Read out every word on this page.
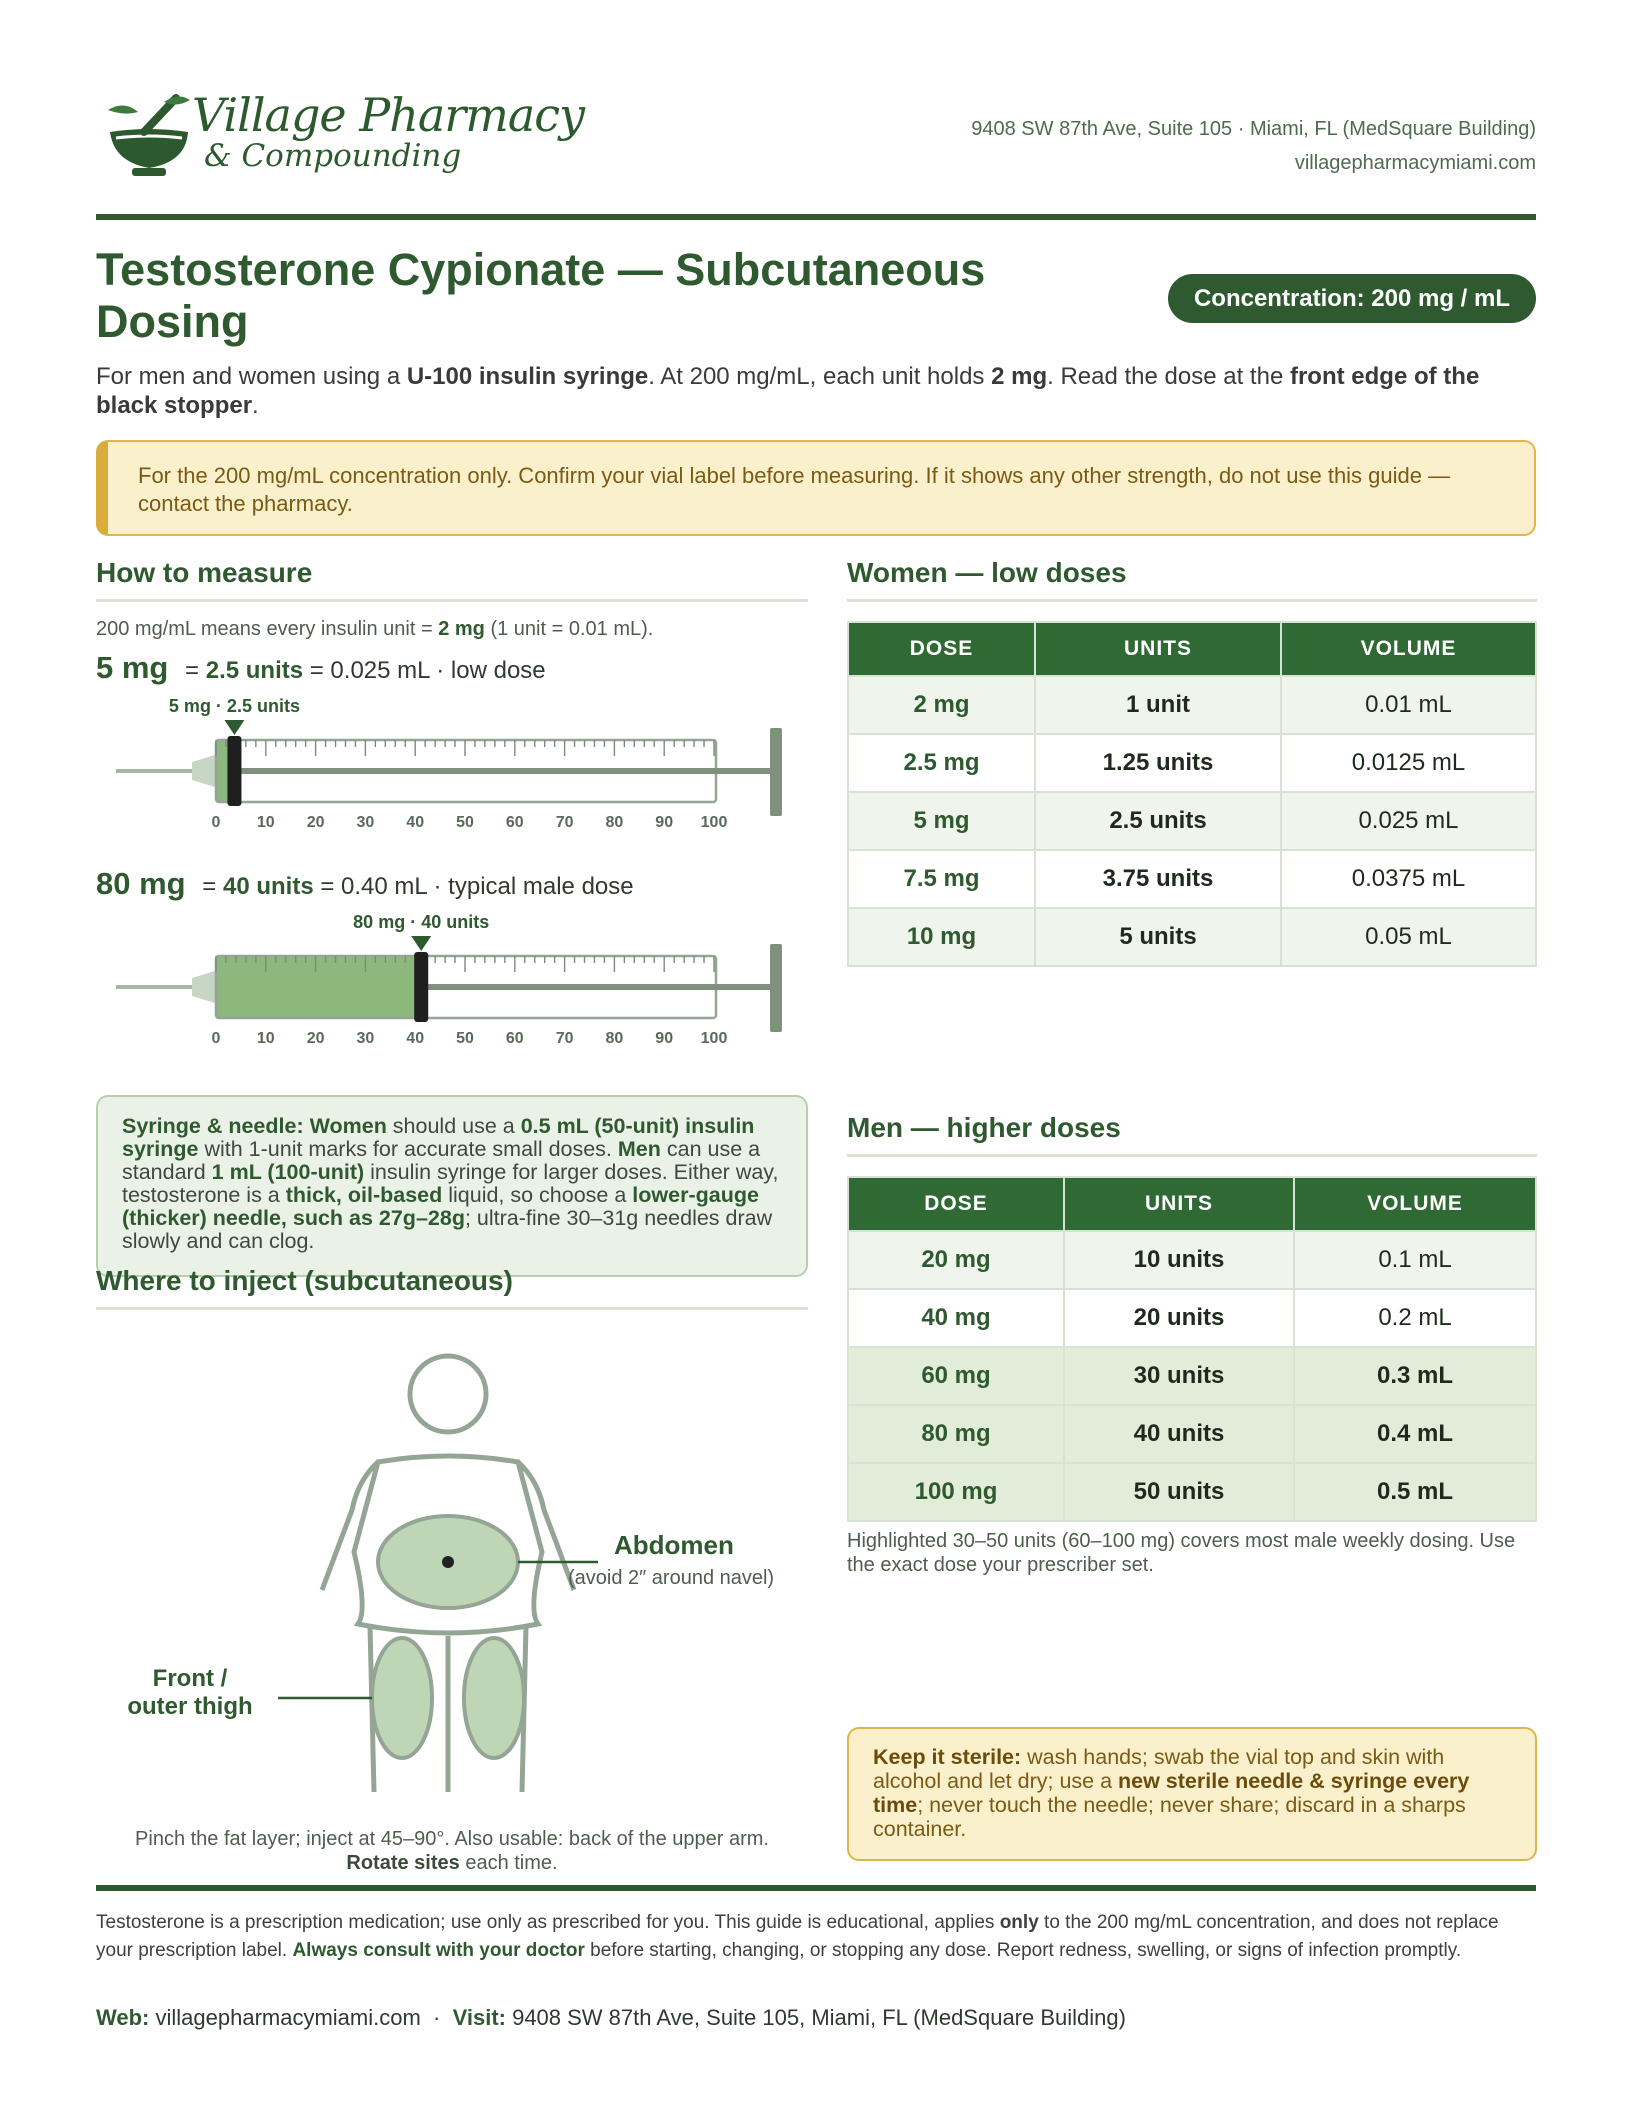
Village Pharmacy
& Compounding
9408 SW 87th Ave, Suite 105 · Miami, FL (MedSquare Building)
villagepharmacymiami.com
Testosterone Cypionate — Subcutaneous Dosing	Concentration: 200 mg / mL
For men and women using a U-100 insulin syringe. At 200 mg/mL, each unit holds 2 mg. Read the dose at the front edge of the black stopper.
For the 200 mg/mL concentration only. Confirm your vial label before measuring. If it shows any other strength, do not use this guide — contact the pharmacy.
How to measure
200 mg/mL means every insulin unit = 2 mg (1 unit = 0.01 mL).
5 mg = 2.5 units = 0.025 mL · low dose
5 mg · 2.5 units
0 10 20 30 40 50 60 70 80 90 100
80 mg = 40 units = 0.40 mL · typical male dose
80 mg · 40 units
0 10 20 30 40 50 60 70 80 90 100
Syringe & needle: Women should use a 0.5 mL (50-unit) insulin syringe with 1-unit marks for accurate small doses. Men can use a standard 1 mL (100-unit) insulin syringe for larger doses. Either way, testosterone is a thick, oil-based liquid, so choose a lower-gauge (thicker) needle, such as 27g–28g; ultra-fine 30–31g needles draw slowly and can clog.
Where to inject (subcutaneous)
Abdomen
(avoid 2″ around navel)
Front /
outer thigh
Pinch the fat layer; inject at 45–90°. Also usable: back of the upper arm.
Rotate sites each time.
Women — low doses
DOSE	UNITS	VOLUME
2 mg	1 unit	0.01 mL
2.5 mg	1.25 units	0.0125 mL
5 mg	2.5 units	0.025 mL
7.5 mg	3.75 units	0.0375 mL
10 mg	5 units	0.05 mL
Men — higher doses
DOSE	UNITS	VOLUME
20 mg	10 units	0.1 mL
40 mg	20 units	0.2 mL
60 mg	30 units	0.3 mL
80 mg	40 units	0.4 mL
100 mg	50 units	0.5 mL
Highlighted 30–50 units (60–100 mg) covers most male weekly dosing. Use the exact dose your prescriber set.
Keep it sterile: wash hands; swab the vial top and skin with alcohol and let dry; use a new sterile needle & syringe every time; never touch the needle; never share; discard in a sharps container.
Testosterone is a prescription medication; use only as prescribed for you. This guide is educational, applies only to the 200 mg/mL concentration, and does not replace your prescription label. Always consult with your doctor before starting, changing, or stopping any dose. Report redness, swelling, or signs of infection promptly.
Web: villagepharmacymiami.com  ·  Visit: 9408 SW 87th Ave, Suite 105, Miami, FL (MedSquare Building)
